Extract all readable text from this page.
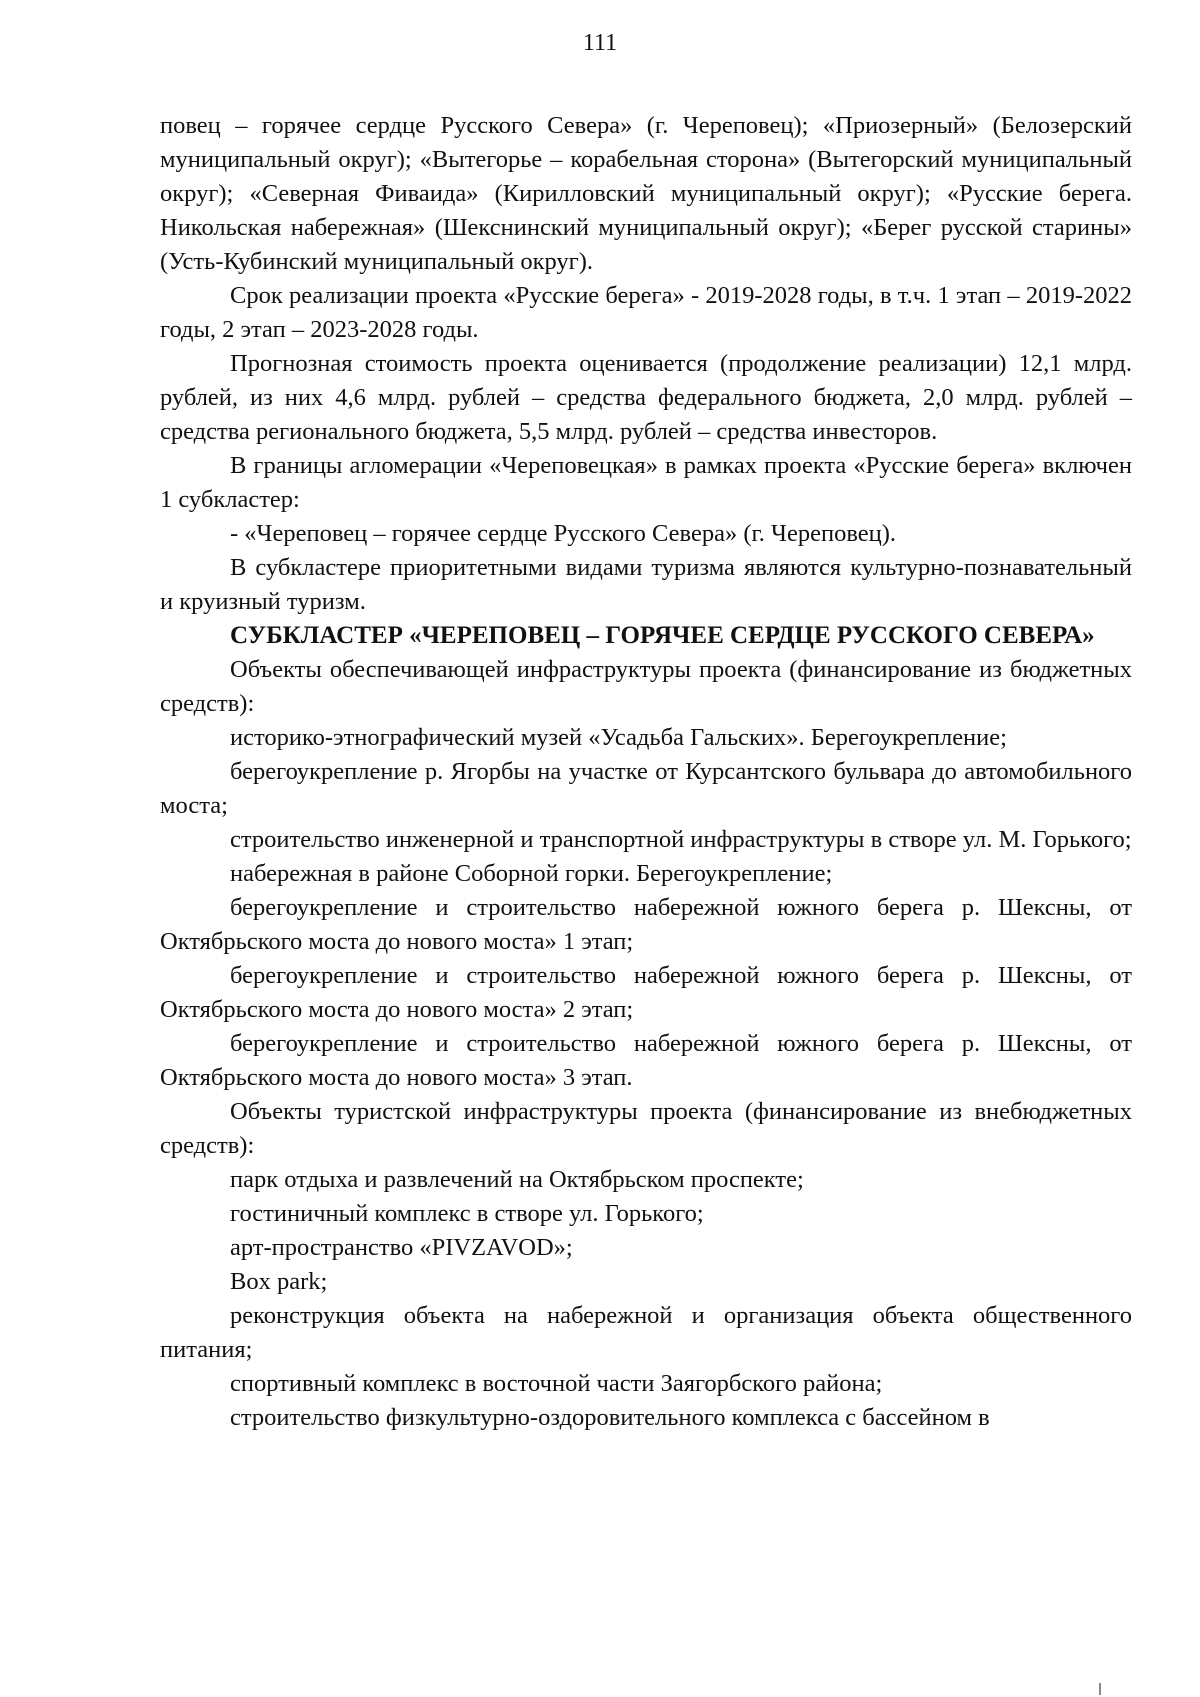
111

повец – горячее сердце Русского Севера» (г. Череповец); «Приозерный» (Белозерский муниципальный округ); «Вытегорье – корабельная сторона» (Вытегорский муниципальный округ); «Северная Фиваида» (Кирилловский муниципальный округ); «Русские берега. Никольская набережная» (Шекснинский муниципальный округ); «Берег русской старины» (Усть-Кубинский муниципальный округ).

Срок реализации проекта «Русские берега» - 2019-2028 годы, в т.ч. 1 этап – 2019-2022 годы, 2 этап – 2023-2028 годы.

Прогнозная стоимость проекта оценивается (продолжение реализации) 12,1 млрд. рублей, из них 4,6 млрд. рублей – средства федерального бюджета, 2,0 млрд. рублей – средства регионального бюджета, 5,5 млрд. рублей – средства инвесторов.

В границы агломерации «Череповецкая» в рамках проекта «Русские берега» включен 1 субкластер:

- «Череповец – горячее сердце Русского Севера» (г. Череповец).

В субкластере приоритетными видами туризма являются культурно-познавательный и круизный туризм.

СУБКЛАСТЕР «ЧЕРЕПОВЕЦ – ГОРЯЧЕЕ СЕРДЦЕ РУССКОГО СЕВЕРА»

Объекты обеспечивающей инфраструктуры проекта (финансирование из бюджетных средств):

историко-этнографический музей «Усадьба Гальских». Берегоукрепление;

берегоукрепление р. Ягорбы на участке от Курсантского бульвара до автомобильного моста;

строительство инженерной и транспортной инфраструктуры в створе ул. М. Горького;

набережная в районе Соборной горки. Берегоукрепление;

берегоукрепление и строительство набережной южного берега р. Шексны, от Октябрьского моста до нового моста» 1 этап;

берегоукрепление и строительство набережной южного берега р. Шексны, от Октябрьского моста до нового моста» 2 этап;

берегоукрепление и строительство набережной южного берега р. Шексны, от Октябрьского моста до нового моста» 3 этап.

Объекты туристской инфраструктуры проекта (финансирование из внебюджетных средств):

парк отдыха и развлечений на Октябрьском проспекте;

гостиничный комплекс в створе ул. Горького;

арт-пространство «PIVZAVOD»;

Box park;

реконструкция объекта на набережной и организация объекта общественного питания;

спортивный комплекс в восточной части Заягорбского района;

строительство физкультурно-оздоровительного комплекса с бассейном в
